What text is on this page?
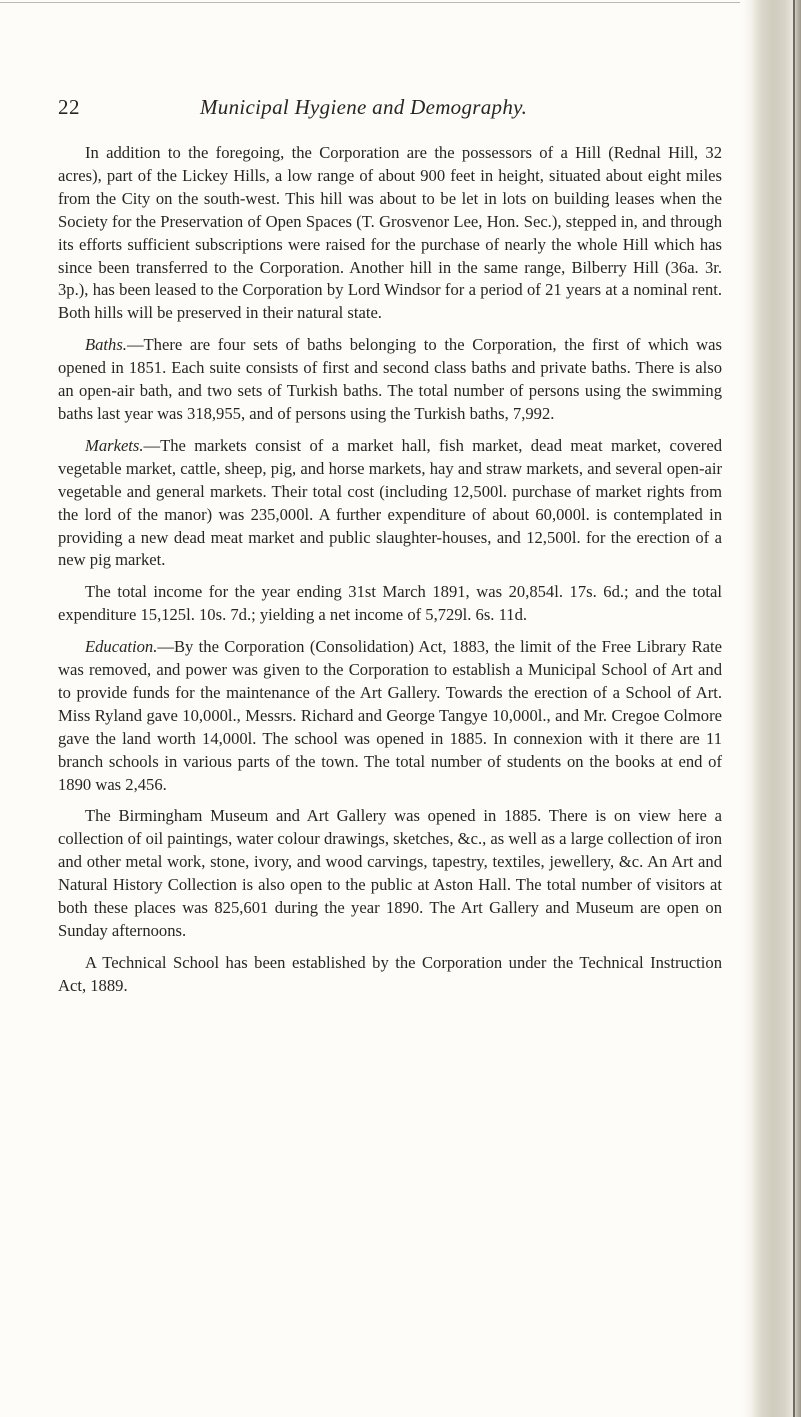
22	Municipal Hygiene and Demography.

In addition to the foregoing, the Corporation are the possessors of a Hill (Rednal Hill, 32 acres), part of the Lickey Hills, a low range of about 900 feet in height, situated about eight miles from the City on the south-west. This hill was about to be let in lots on building leases when the Society for the Preservation of Open Spaces (T. Grosvenor Lee, Hon. Sec.), stepped in, and through its efforts sufficient subscriptions were raised for the purchase of nearly the whole Hill which has since been transferred to the Corporation. Another hill in the same range, Bilberry Hill (36a. 3r. 3p.), has been leased to the Corporation by Lord Windsor for a period of 21 years at a nominal rent. Both hills will be preserved in their natural state.

Baths.—There are four sets of baths belonging to the Corporation, the first of which was opened in 1851. Each suite consists of first and second class baths and private baths. There is also an open-air bath, and two sets of Turkish baths. The total number of persons using the swimming baths last year was 318,955, and of persons using the Turkish baths, 7,992.

Markets.—The markets consist of a market hall, fish market, dead meat market, covered vegetable market, cattle, sheep, pig, and horse markets, hay and straw markets, and several open-air vegetable and general markets. Their total cost (including 12,500l. purchase of market rights from the lord of the manor) was 235,000l. A further expenditure of about 60,000l. is contemplated in providing a new dead meat market and public slaughter-houses, and 12,500l. for the erection of a new pig market.

The total income for the year ending 31st March 1891, was 20,854l. 17s. 6d.; and the total expenditure 15,125l. 10s. 7d.; yielding a net income of 5,729l. 6s. 11d.

Education.—By the Corporation (Consolidation) Act, 1883, the limit of the Free Library Rate was removed, and power was given to the Corporation to establish a Municipal School of Art and to provide funds for the maintenance of the Art Gallery. Towards the erection of a School of Art. Miss Ryland gave 10,000l., Messrs. Richard and George Tangye 10,000l., and Mr. Cregoe Colmore gave the land worth 14,000l. The school was opened in 1885. In connexion with it there are 11 branch schools in various parts of the town. The total number of students on the books at end of 1890 was 2,456.

The Birmingham Museum and Art Gallery was opened in 1885. There is on view here a collection of oil paintings, water colour drawings, sketches, &c., as well as a large collection of iron and other metal work, stone, ivory, and wood carvings, tapestry, textiles, jewellery, &c. An Art and Natural History Collection is also open to the public at Aston Hall. The total number of visitors at both these places was 825,601 during the year 1890. The Art Gallery and Museum are open on Sunday afternoons.

A Technical School has been established by the Corporation under the Technical Instruction Act, 1889.
